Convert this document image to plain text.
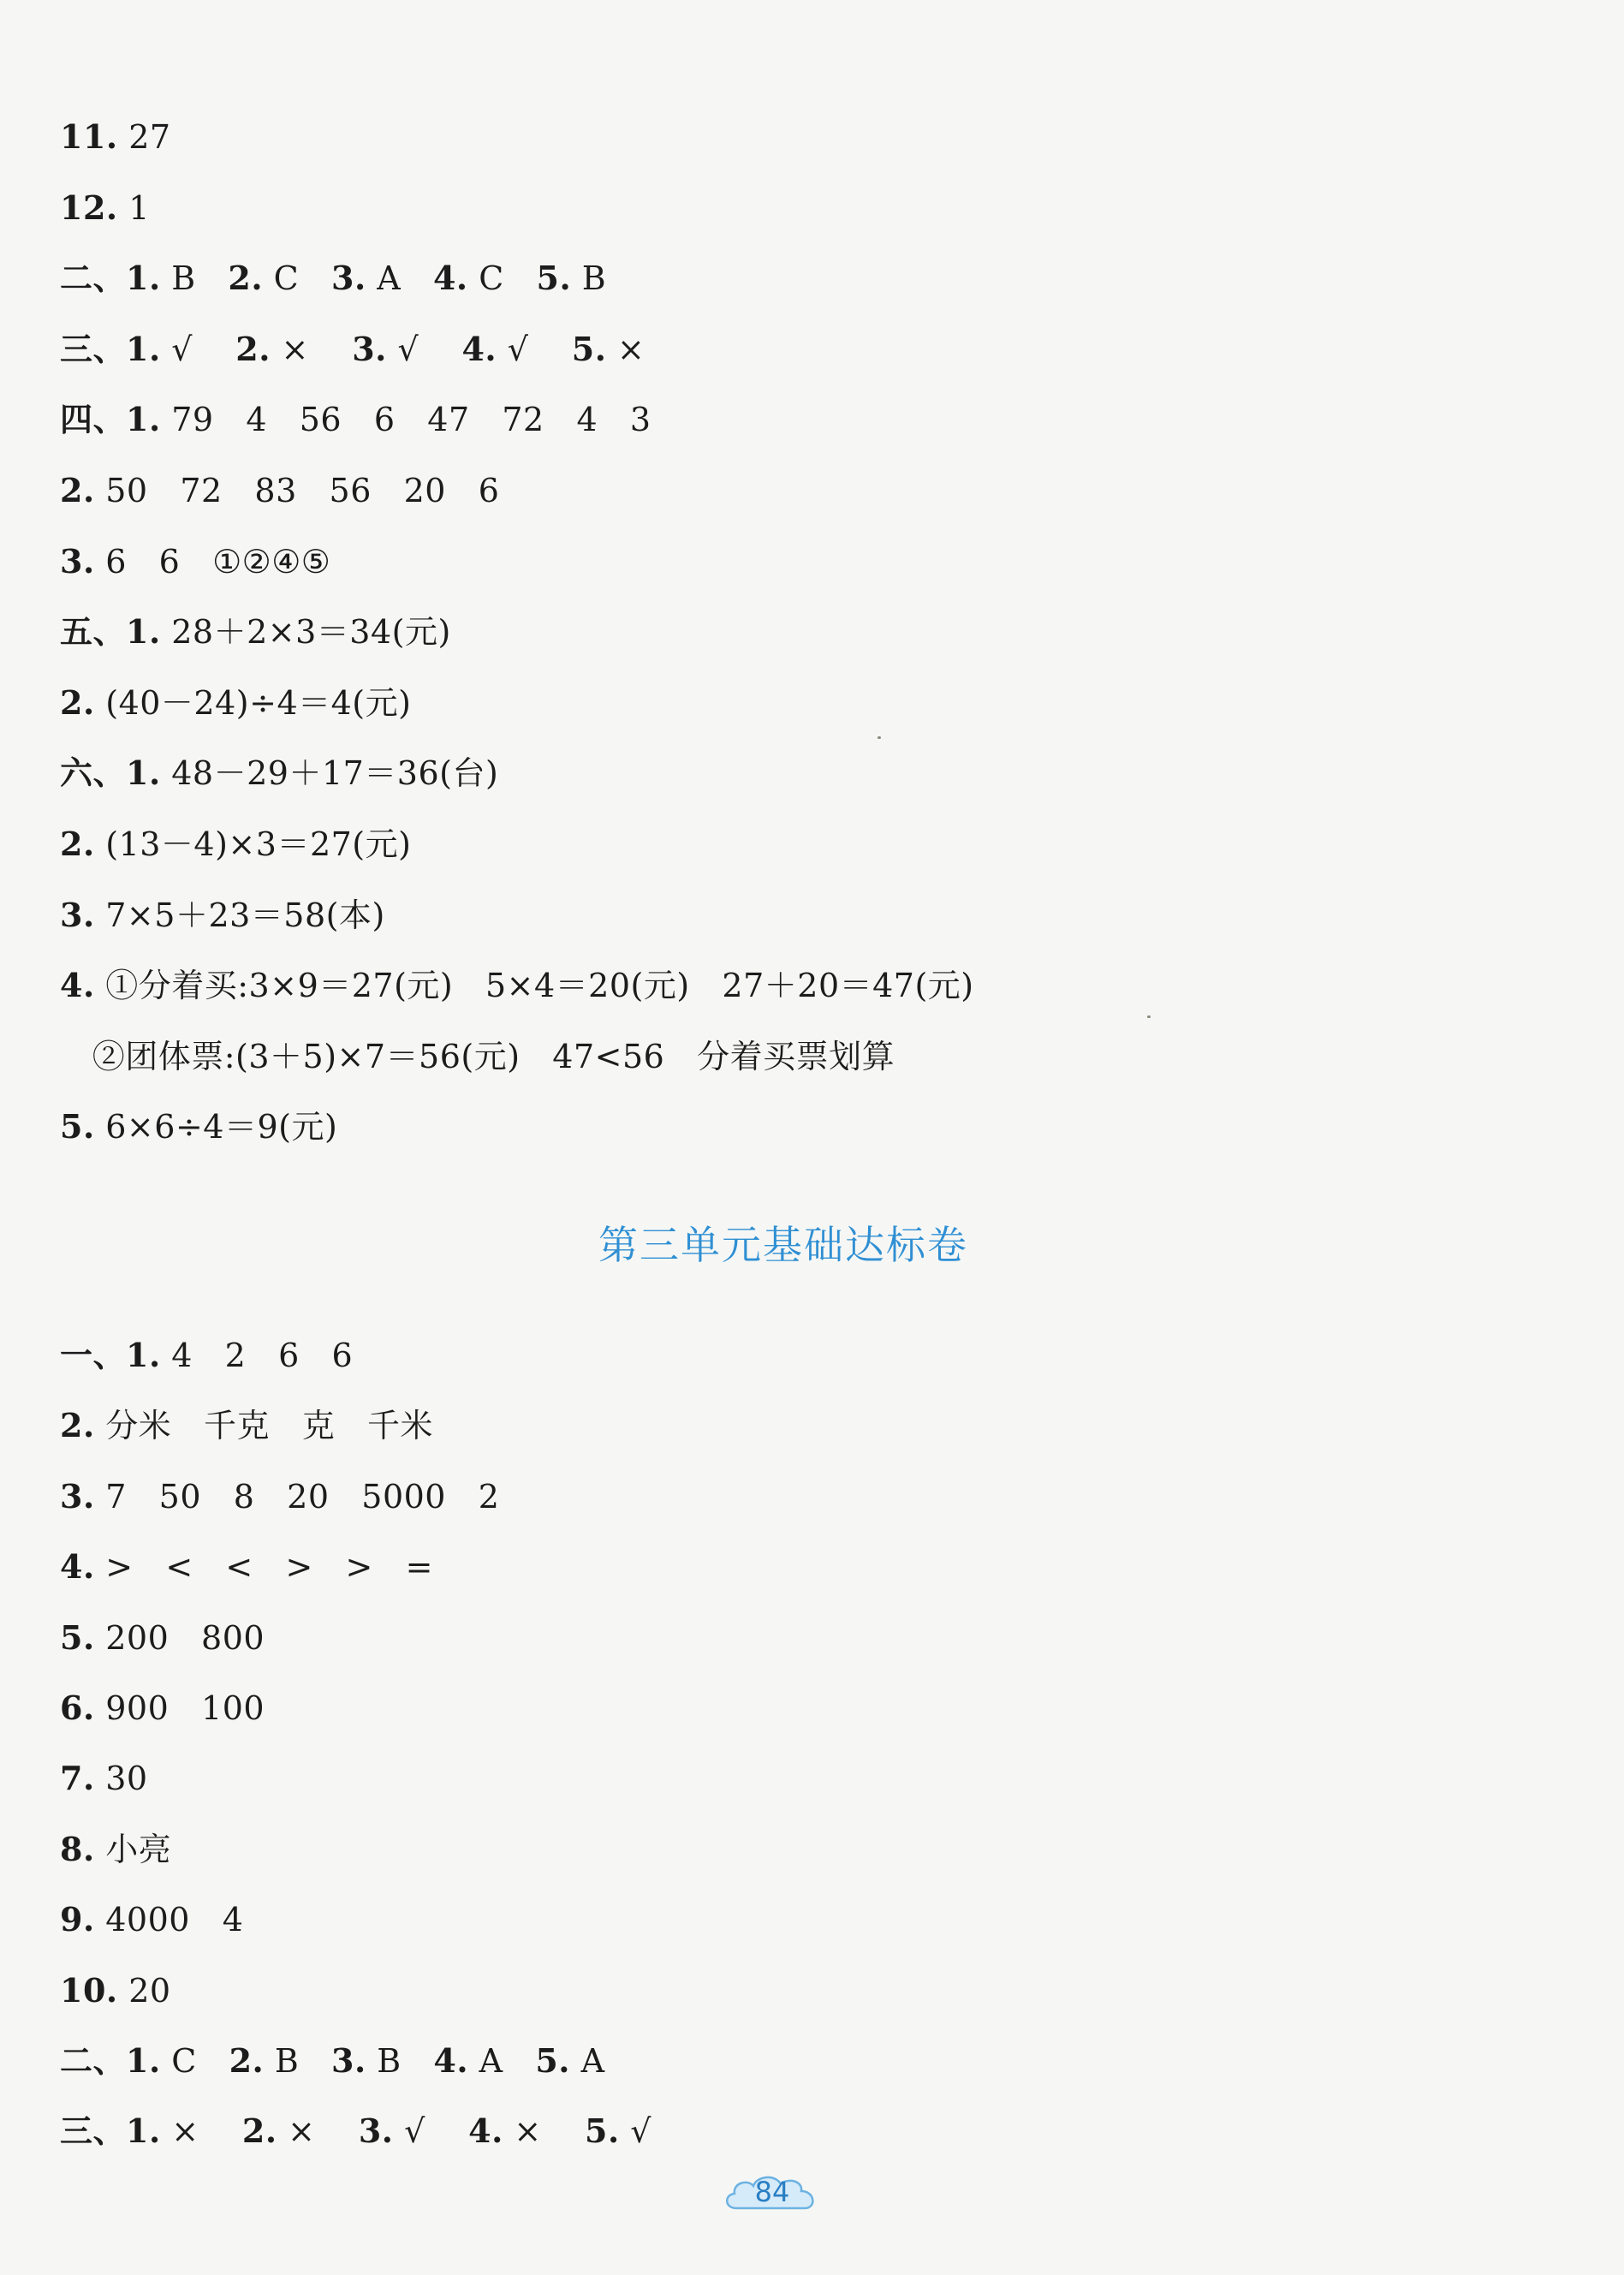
11. 27
12. 1
二、1. B   2. C   3. A   4. C   5. B
三、1. √    2. ×    3. √    4. √    5. ×
四、1. 79   4   56   6   47   72   4   3
2. 50   72   83   56   20   6
3. 6   6   ①②④⑤
五、1. 28＋2×3＝34(元)
2. (40－24)÷4＝4(元)
六、1. 48－29＋17＝36(台)
2. (13－4)×3＝27(元)
3. 7×5＋23＝58(本)
4. ①分着买:3×9＝27(元)   5×4＝20(元)   27＋20＝47(元)
②团体票:(3＋5)×7＝56(元)   47<56   分着买票划算
5. 6×6÷4＝9(元)
第三单元基础达标卷
一、1. 4   2   6   6
2. 分米   千克   克   千米
3. 7   50   8   20   5000   2
4. >   <   <   >   >   =
5. 200   800
6. 900   100
7. 30
8. 小亮
9. 4000   4
10. 20
二、1. C   2. B   3. B   4. A   5. A
三、1. ×    2. ×    3. √    4. ×    5. √
84
